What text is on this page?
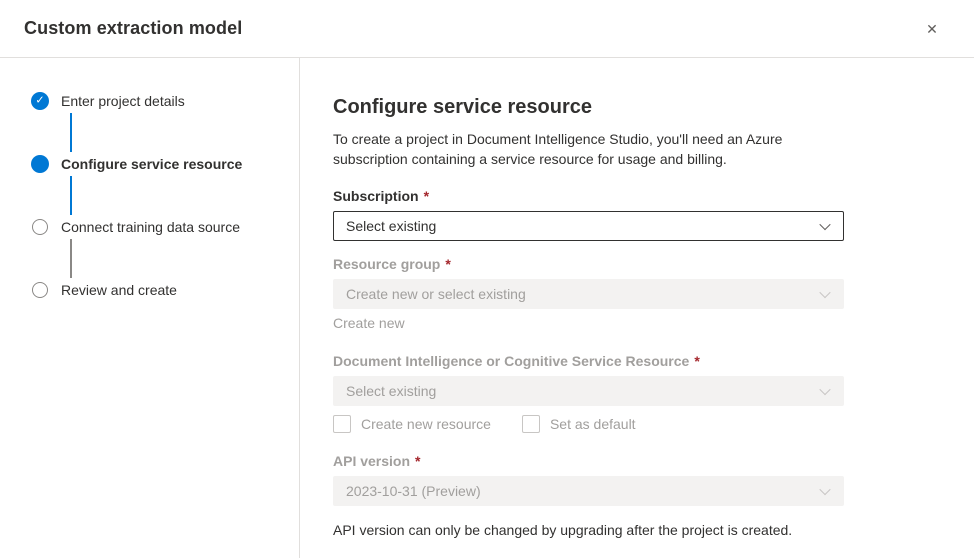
Custom extraction model	✕
✓ Enter project details
Configure service resource
Connect training data source
Review and create
Configure service resource
To create a project in Document Intelligence Studio, you'll need an Azure subscription containing a service resource for usage and billing.
Subscription *
Select existing
Resource group *
Create new or select existing
Create new
Document Intelligence or Cognitive Service Resource *
Select existing
Create new resource	Set as default
API version *
2023-10-31 (Preview)
API version can only be changed by upgrading after the project is created.
